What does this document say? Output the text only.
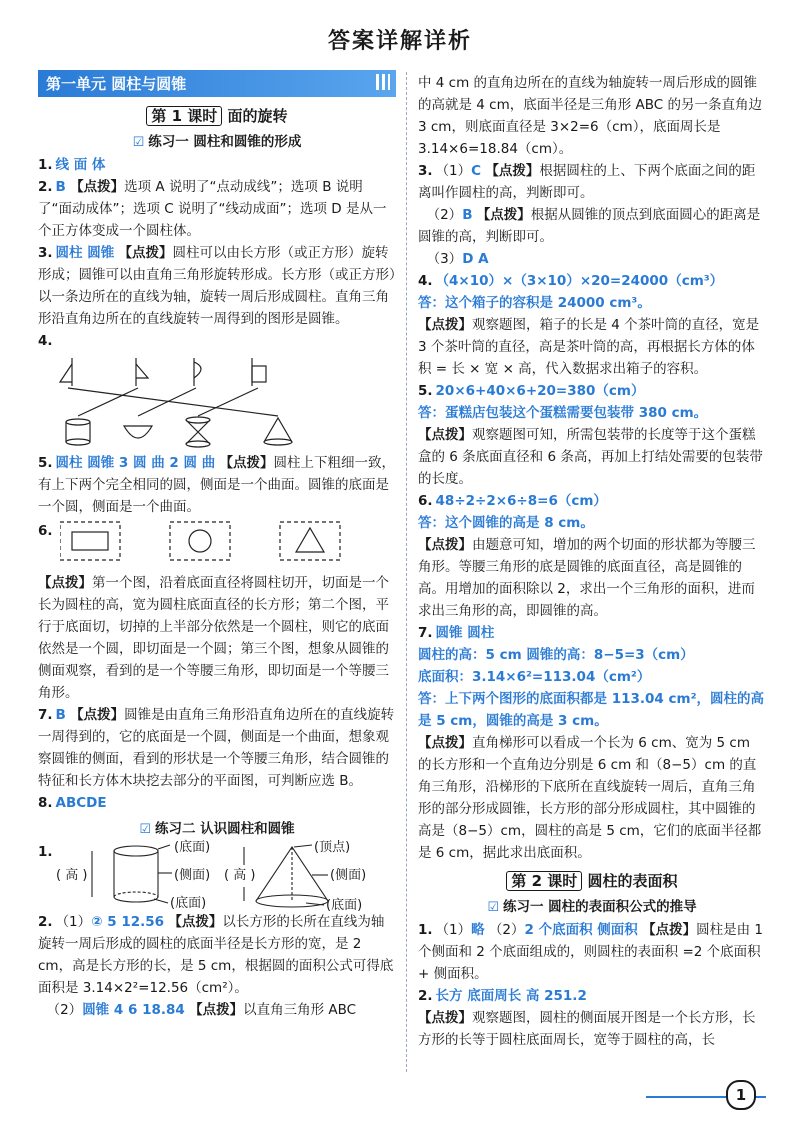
答案详解详析
第一单元 圆柱与圆锥
第 1 课时 面的旋转
☑ 练习一 圆柱和圆锥的形成

1. 线 面 体

2. B 【点拨】选项 A 说明了“点动成线”；选项 B 说明了“面动成体”；选项 C 说明了“线动成面”；选项 D 是从一个正方体变成一个圆柱体。

3. 圆柱 圆锥 【点拨】圆柱可以由长方形（或正方形）旋转形成；圆锥可以由直角三角形旋转形成。长方形（或正方形）以一条边所在的直线为轴，旋转一周后形成圆柱。直角三角形沿直角边所在的直线旋转一周得到的图形是圆锥。

4.

5. 圆柱 圆锥 3 圆 曲 2 圆 曲 【点拨】圆柱上下粗细一致，有上下两个完全相同的圆，侧面是一个曲面。圆锥的底面是一个圆，侧面是一个曲面。

6.

【点拨】第一个图，沿着底面直径将圆柱切开，切面是一个长为圆柱的高，宽为圆柱底面直径的长方形；第二个图，平行于底面切，切掉的上半部分依然是一个圆柱，则它的底面依然是一个圆，即切面是一个圆；第三个图，想象从圆锥的侧面观察，看到的是一个等腰三角形，即切面是一个等腰三角形。

7. B 【点拨】圆锥是由直角三角形沿直角边所在的直线旋转一周得到的，它的底面是一个圆，侧面是一个曲面，想象观察圆锥的侧面，看到的形状是一个等腰三角形，结合圆锥的特征和长方体木块挖去部分的平面图，可判断应选 B。

8. ABCDE

☑ 练习二 认识圆柱和圆锥
1.	(底面)
(侧面)
(底面)
( 高 )
(顶点)
(侧面)
( 高 )
(底面)

2. （1）② 5 12.56 【点拨】以长方形的长所在直线为轴旋转一周后形成的圆柱的底面半径是长方形的宽，是 2 cm，高是长方形的长，是 5 cm，根据圆的面积公式可得底面积是 3.14×2²=12.56（cm²）。

（2）圆锥 4 6 18.84 【点拨】以直角三角形 ABC

中 4 cm 的直角边所在的直线为轴旋转一周后形成的圆锥的高就是 4 cm，底面半径是三角形 ABC 的另一条直角边 3 cm，则底面直径是 3×2=6（cm），底面周长是 3.14×6=18.84（cm）。

3. （1）C 【点拨】根据圆柱的上、下两个底面之间的距离叫作圆柱的高，判断即可。

（2）B 【点拨】根据从圆锥的顶点到底面圆心的距离是圆锥的高，判断即可。

（3）D A

4. （4×10）×（3×10）×20=24000（cm³）
答：这个箱子的容积是 24000 cm³。
【点拨】观察题图，箱子的长是 4 个茶叶筒的直径，宽是 3 个茶叶筒的直径，高是茶叶筒的高，再根据长方体的体积 = 长 × 宽 × 高，代入数据求出箱子的容积。

5. 20×6+40×6+20=380（cm）
答：蛋糕店包装这个蛋糕需要包装带 380 cm。
【点拨】观察题图可知，所需包装带的长度等于这个蛋糕盒的 6 条底面直径和 6 条高，再加上打结处需要的包装带的长度。

6. 48÷2÷2×6÷8=6（cm）
答：这个圆锥的高是 8 cm。
【点拨】由题意可知，增加的两个切面的形状都为等腰三角形。等腰三角形的底是圆锥的底面直径，高是圆锥的高。用增加的面积除以 2，求出一个三角形的面积，进而求出三角形的高，即圆锥的高。

7. 圆锥 圆柱
圆柱的高：5 cm 圆锥的高：8−5=3（cm）
底面积：3.14×6²=113.04（cm²）
答：上下两个图形的底面积都是 113.04 cm²，圆柱的高是 5 cm，圆锥的高是 3 cm。
【点拨】直角梯形可以看成一个长为 6 cm、宽为 5 cm 的长方形和一个直角边分别是 6 cm 和（8−5）cm 的直角三角形，沿梯形的下底所在直线旋转一周后，直角三角形的部分形成圆锥，长方形的部分形成圆柱，其中圆锥的高是（8−5）cm，圆柱的高是 5 cm，它们的底面半径都是 6 cm，据此求出底面积。

第 2 课时 圆柱的表面积
☑ 练习一 圆柱的表面积公式的推导

1. （1）略 （2）2 个底面积 侧面积 【点拨】圆柱是由 1 个侧面和 2 个底面组成的，则圆柱的表面积 =2 个底面积 + 侧面积。

2. 长方 底面周长 高 251.2
【点拨】观察题图，圆柱的侧面展开图是一个长方形，长方形的长等于圆柱底面周长，宽等于圆柱的高，长

1
